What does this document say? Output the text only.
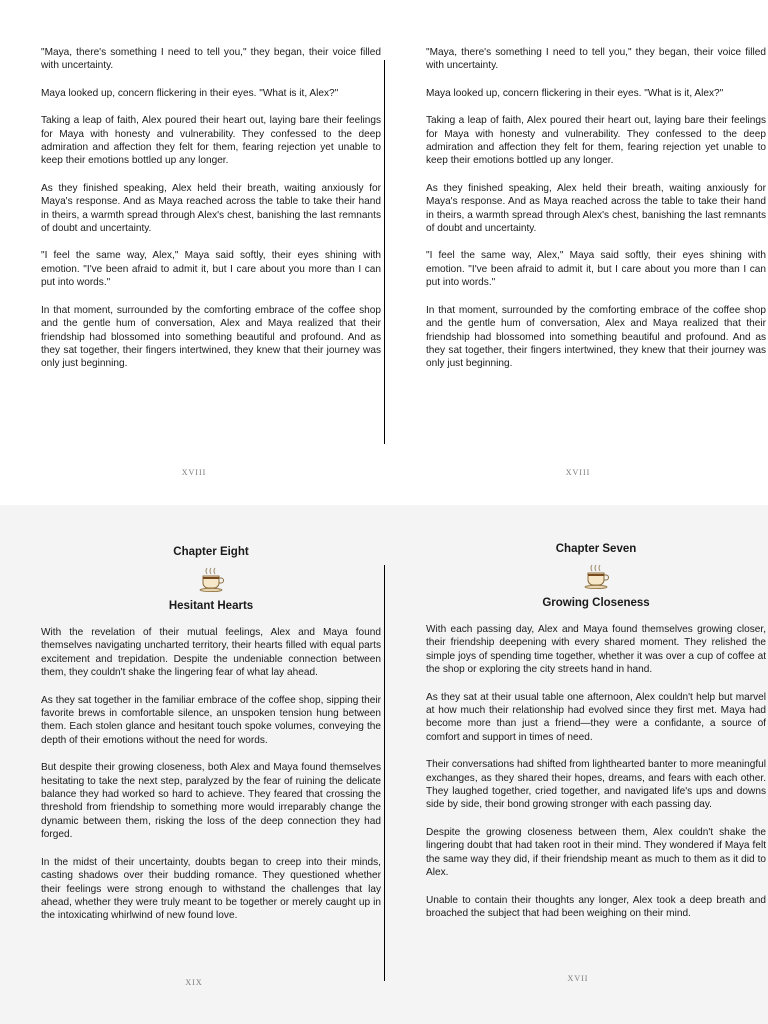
"Maya, there's something I need to tell you," they began, their voice filled with uncertainty.

Maya looked up, concern flickering in their eyes. "What is it, Alex?"

Taking a leap of faith, Alex poured their heart out, laying bare their feelings for Maya with honesty and vulnerability. They confessed to the deep admiration and affection they felt for them, fearing rejection yet unable to keep their emotions bottled up any longer.

As they finished speaking, Alex held their breath, waiting anxiously for Maya's response. And as Maya reached across the table to take their hand in theirs, a warmth spread through Alex's chest, banishing the last remnants of doubt and uncertainty.

"I feel the same way, Alex," Maya said softly, their eyes shining with emotion. "I've been afraid to admit it, but I care about you more than I can put into words."

In that moment, surrounded by the comforting embrace of the coffee shop and the gentle hum of conversation, Alex and Maya realized that their friendship had blossomed into something beautiful and profound. And as they sat together, their fingers intertwined, they knew that their journey was only just beginning.

XVIII

"Maya, there's something I need to tell you," they began, their voice filled with uncertainty.

Maya looked up, concern flickering in their eyes. "What is it, Alex?"

Taking a leap of faith, Alex poured their heart out, laying bare their feelings for Maya with honesty and vulnerability. They confessed to the deep admiration and affection they felt for them, fearing rejection yet unable to keep their emotions bottled up any longer.

As they finished speaking, Alex held their breath, waiting anxiously for Maya's response. And as Maya reached across the table to take their hand in theirs, a warmth spread through Alex's chest, banishing the last remnants of doubt and uncertainty.

"I feel the same way, Alex," Maya said softly, their eyes shining with emotion. "I've been afraid to admit it, but I care about you more than I can put into words."

In that moment, surrounded by the comforting embrace of the coffee shop and the gentle hum of conversation, Alex and Maya realized that their friendship had blossomed into something beautiful and profound. And as they sat together, their fingers intertwined, they knew that their journey was only just beginning.

XVIII
Chapter Eight
Hesitant Hearts

With the revelation of their mutual feelings, Alex and Maya found themselves navigating uncharted territory, their hearts filled with equal parts excitement and trepidation. Despite the undeniable connection between them, they couldn't shake the lingering fear of what lay ahead.

As they sat together in the familiar embrace of the coffee shop, sipping their favorite brews in comfortable silence, an unspoken tension hung between them. Each stolen glance and hesitant touch spoke volumes, conveying the depth of their emotions without the need for words.

But despite their growing closeness, both Alex and Maya found themselves hesitating to take the next step, paralyzed by the fear of ruining the delicate balance they had worked so hard to achieve. They feared that crossing the threshold from friendship to something more would irreparably change the dynamic between them, risking the loss of the deep connection they had forged.

In the midst of their uncertainty, doubts began to creep into their minds, casting shadows over their budding romance. They questioned whether their feelings were strong enough to withstand the challenges that lay ahead, whether they were truly meant to be together or merely caught up in the intoxicating whirlwind of new found love.

XIX
Chapter Seven
Growing Closeness

With each passing day, Alex and Maya found themselves growing closer, their friendship deepening with every shared moment. They relished the simple joys of spending time together, whether it was over a cup of coffee at the shop or exploring the city streets hand in hand.

As they sat at their usual table one afternoon, Alex couldn't help but marvel at how much their relationship had evolved since they first met. Maya had become more than just a friend—they were a confidante, a source of comfort and support in times of need.

Their conversations had shifted from lighthearted banter to more meaningful exchanges, as they shared their hopes, dreams, and fears with each other. They laughed together, cried together, and navigated life's ups and downs side by side, their bond growing stronger with each passing day.

Despite the growing closeness between them, Alex couldn't shake the lingering doubt that had taken root in their mind. They wondered if Maya felt the same way they did, if their friendship meant as much to them as it did to Alex.

Unable to contain their thoughts any longer, Alex took a deep breath and broached the subject that had been weighing on their mind.

XVII
